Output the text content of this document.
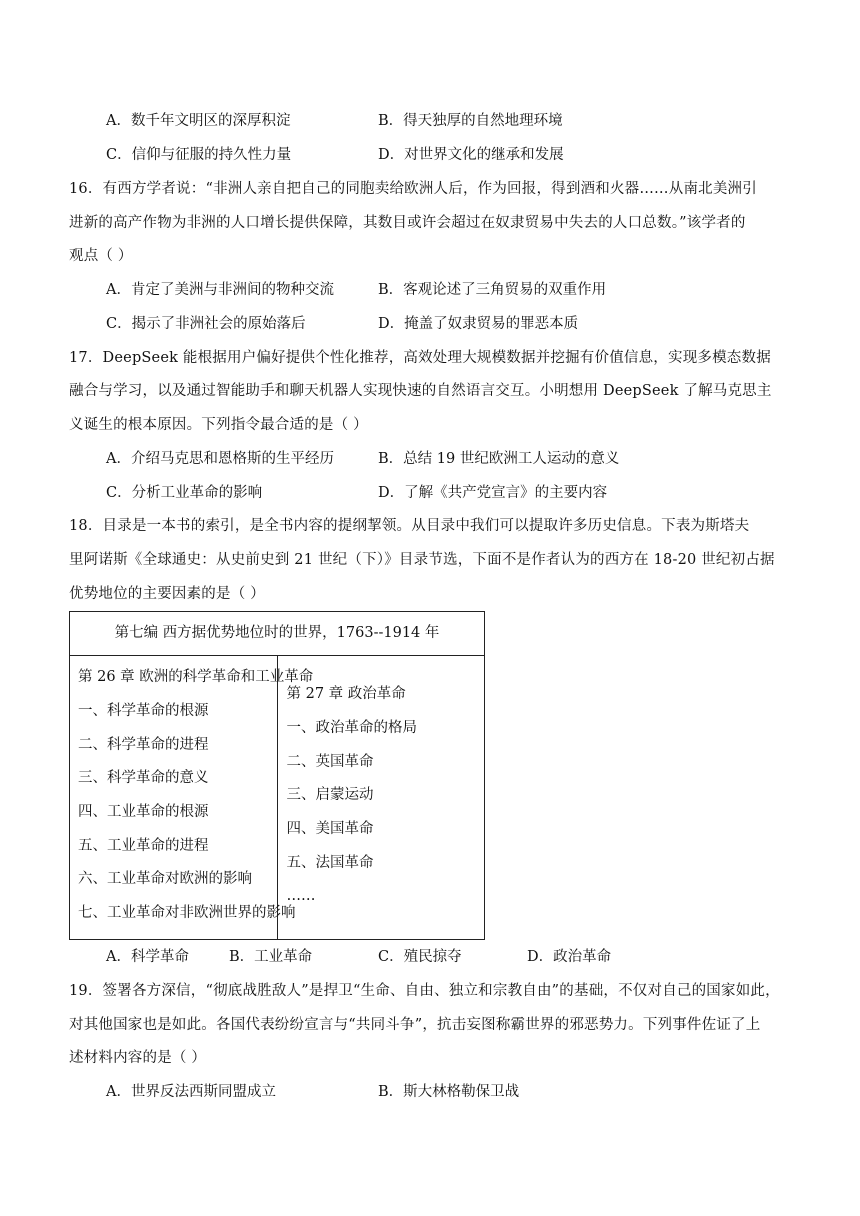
A．数千年文明区的深厚积淀	B．得天独厚的自然地理环境
C．信仰与征服的持久性力量	D．对世界文化的继承和发展
16．有西方学者说：“非洲人亲自把自己的同胞卖给欧洲人后，作为回报，得到酒和火器……从南北美洲引
进新的高产作物为非洲的人口增长提供保障，其数目或许会超过在奴隶贸易中失去的人口总数。”该学者的
观点（ ）
A．肯定了美洲与非洲间的物种交流	B．客观论述了三角贸易的双重作用
C．揭示了非洲社会的原始落后	D．掩盖了奴隶贸易的罪恶本质
17．DeepSeek 能根据用户偏好提供个性化推荐，高效处理大规模数据并挖掘有价值信息，实现多模态数据
融合与学习，以及通过智能助手和聊天机器人实现快速的自然语言交互。小明想用 DeepSeek 了解马克思主
义诞生的根本原因。下列指令最合适的是（ ）
A．介绍马克思和恩格斯的生平经历	B．总结 19 世纪欧洲工人运动的意义
C．分析工业革命的影响	D．了解《共产党宣言》的主要内容
18．目录是一本书的索引，是全书内容的提纲挈领。从目录中我们可以提取许多历史信息。下表为斯塔夫
里阿诺斯《全球通史：从史前史到 21 世纪（下）》目录节选，下面不是作者认为的西方在 18-20 世纪初占据
优势地位的主要因素的是（ ）
第七编 西方据优势地位时的世界，1763--1914 年

第 26 章 欧洲的科学革命和工业革命
一、科学革命的根源
二、科学革命的进程
三、科学革命的意义
四、工业革命的根源
五、工业革命的进程
六、工业革命对欧洲的影响
七、工业革命对非欧洲世界的影响

第 27 章 政治革命
一、政治革命的格局
二、英国革命
三、启蒙运动
四、美国革命
五、法国革命
……
A．科学革命	B．工业革命	C．殖民掠夺	D．政治革命
19．签署各方深信，“彻底战胜敌人”是捍卫“生命、自由、独立和宗教自由”的基础，不仅对自己的国家如此，
对其他国家也是如此。各国代表纷纷宣言与“共同斗争”，抗击妄图称霸世界的邪恶势力。下列事件佐证了上
述材料内容的是（ ）
A．世界反法西斯同盟成立	B．斯大林格勒保卫战
